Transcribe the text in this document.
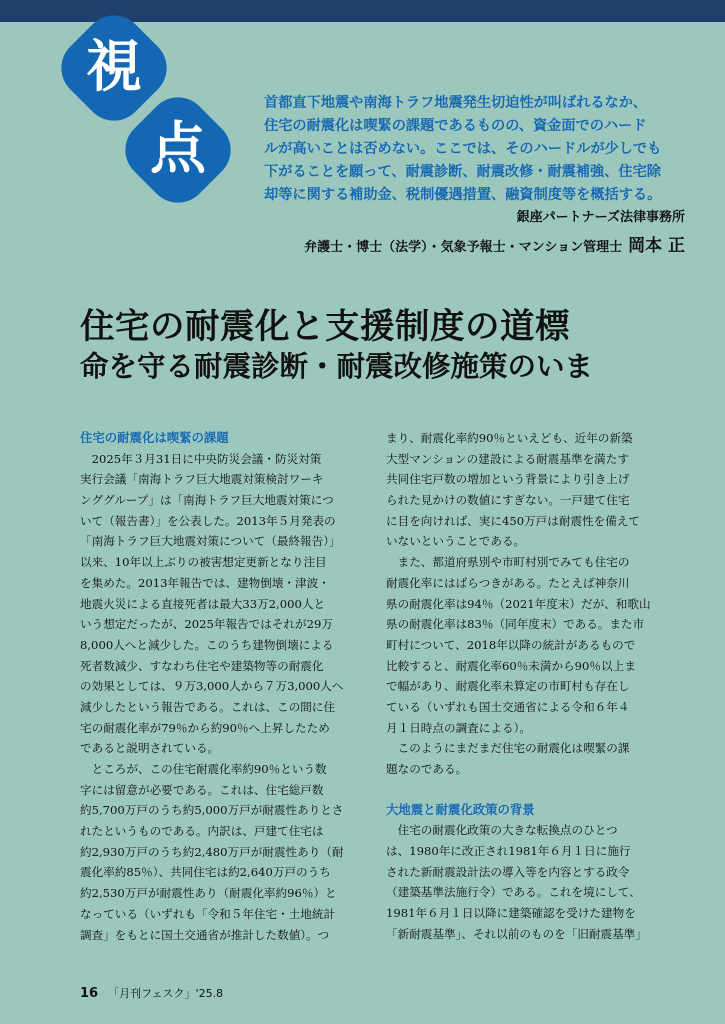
視
点
首都直下地震や南海トラフ地震発生切迫性が叫ばれるなか、
住宅の耐震化は喫緊の課題であるものの、資金面でのハード
ルが高いことは否めない。ここでは、そのハードルが少しでも
下がることを願って、耐震診断、耐震改修・耐震補強、住宅除
却等に関する補助金、税制優遇措置、融資制度等を概括する。
銀座パートナーズ法律事務所
弁護士・博士（法学）・気象予報士・マンション管理士 岡本 正
住宅の耐震化と支援制度の道標
命を守る耐震診断・耐震改修施策のいま
住宅の耐震化は喫緊の課題
　2025年３月31日に中央防災会議・防災対策
実行会議「南海トラフ巨大地震対策検討ワーキ
ンググループ」は「南海トラフ巨大地震対策につ
いて（報告書）」を公表した。2013年５月発表の
「南海トラフ巨大地震対策について（最終報告）」
以来、10年以上ぶりの被害想定更新となり注目
を集めた。2013年報告では、建物倒壊・津波・
地震火災による直接死者は最大33万2,000人と
いう想定だったが、2025年報告ではそれが29万
8,000人へと減少した。このうち建物倒壊による
死者数減少、すなわち住宅や建築物等の耐震化
の効果としては、９万3,000人から７万3,000人へ
減少したという報告である。これは、この間に住
宅の耐震化率が79％から約90％へ上昇したため
であると説明されている。
　ところが、この住宅耐震化率約90％という数
字には留意が必要である。これは、住宅総戸数
約5,700万戸のうち約5,000万戸が耐震性ありとさ
れたというものである。内訳は、戸建て住宅は
約2,930万戸のうち約2,480万戸が耐震性あり（耐
震化率約85％）、共同住宅は約2,640万戸のうち
約2,530万戸が耐震性あり（耐震化率約96％）と
なっている（いずれも「令和５年住宅・土地統計
調査」をもとに国土交通省が推計した数値）。つ
まり、耐震化率約90％といえども、近年の新築
大型マンションの建設による耐震基準を満たす
共同住宅戸数の増加という背景により引き上げ
られた見かけの数値にすぎない。一戸建て住宅
に目を向ければ、実に450万戸は耐震性を備えて
いないということである。
　また、都道府県別や市町村別でみても住宅の
耐震化率にはばらつきがある。たとえば神奈川
県の耐震化率は94％（2021年度末）だが、和歌山
県の耐震化率は83％（同年度末）である。また市
町村について、2018年以降の統計があるもので
比較すると、耐震化率60％未満から90％以上ま
で幅があり、耐震化率未算定の市町村も存在し
ている（いずれも国土交通省による令和６年４
月１日時点の調査による）。
　このようにまだまだ住宅の耐震化は喫緊の課
題なのである。
大地震と耐震化政策の背景
　住宅の耐震化政策の大きな転換点のひとつ
は、1980年に改正され1981年６月１日に施行
された新耐震設計法の導入等を内容とする政令
（建築基準法施行令）である。これを境にして、
1981年６月１日以降に建築確認を受けた建物を
「新耐震基準」、それ以前のものを「旧耐震基準」
16 「月刊フェスク」'25.8
